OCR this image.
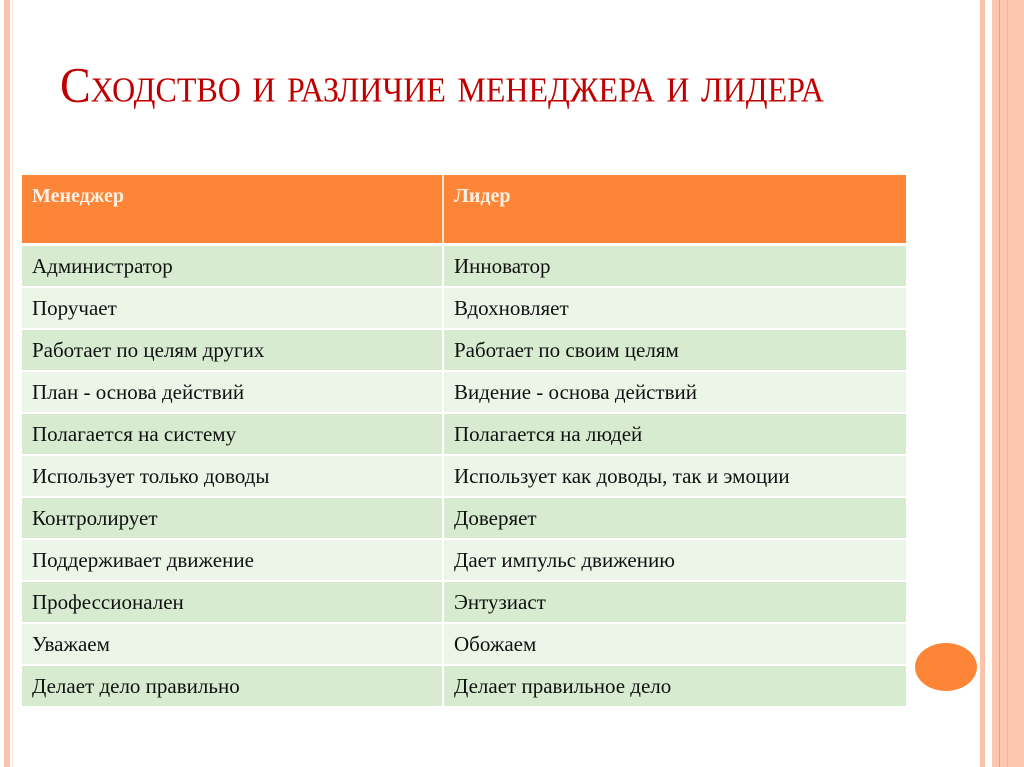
Сходство и различие менеджера и лидера
Менеджер	Лидер
Администратор	Инноватор
Поручает	Вдохновляет
Работает по целям других	Работает по своим целям
План - основа действий	Видение - основа действий
Полагается на систему	Полагается на людей
Использует только доводы	Использует как доводы, так и эмоции
Контролирует	Доверяет
Поддерживает движение	Дает импульс движению
Профессионален	Энтузиаст
Уважаем	Обожаем
Делает дело правильно	Делает правильное дело
